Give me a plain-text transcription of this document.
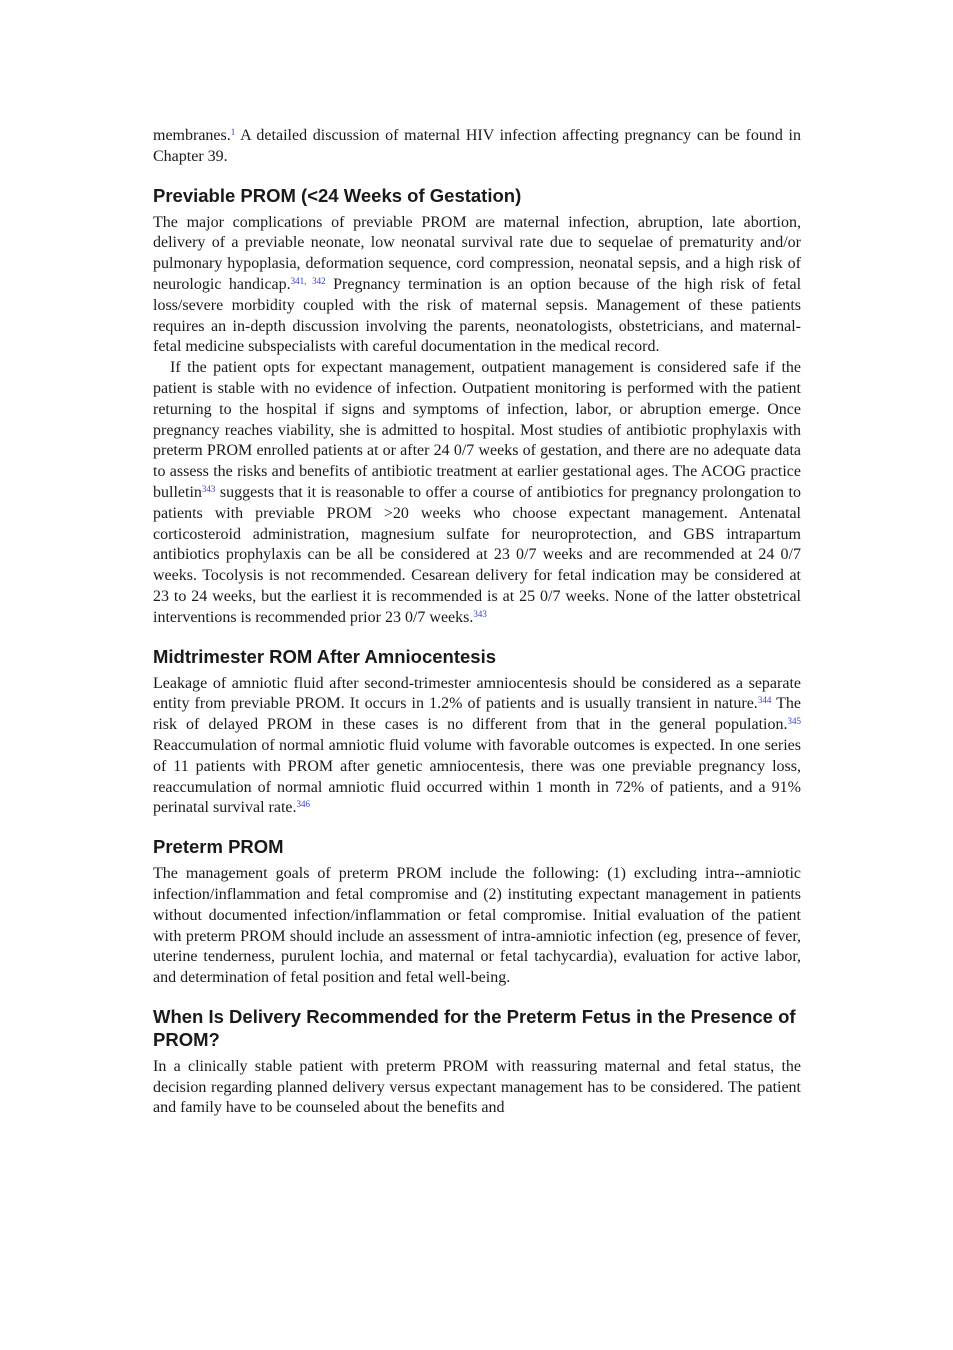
membranes.$^1$ A detailed discussion of maternal HIV infection affecting pregnancy can be found in Chapter 39.

Previable PROM (<24 Weeks of Gestation)

The major complications of previable PROM are maternal infection, abruption, late abortion, delivery of a previable neonate, low neonatal survival rate due to sequelae of prematurity and/or pulmonary hypoplasia, deformation sequence, cord compression, neonatal sepsis, and a high risk of neurologic handicap.$^{341, 342}$ Pregnancy termination is an option because of the high risk of fetal loss/severe morbidity coupled with the risk of maternal sepsis. Management of these patients requires an in-depth discussion involving the parents, neonatologists, obstetricians, and maternal-fetal medicine subspecialists with careful documentation in the medical record.

If the patient opts for expectant management, outpatient management is considered safe if the patient is stable with no evidence of infection. Outpatient monitoring is performed with the patient returning to the hospital if signs and symptoms of infection, labor, or abruption emerge. Once pregnancy reaches viability, she is admitted to hospital. Most studies of antibiotic prophylaxis with preterm PROM enrolled patients at or after 24 0/7 weeks of gestation, and there are no adequate data to assess the risks and benefits of antibiotic treatment at earlier gestational ages. The ACOG practice bulletin$^{343}$ suggests that it is reasonable to offer a course of antibiotics for pregnancy prolongation to patients with previable PROM >20 weeks who choose expectant management. Antenatal corticosteroid administration, magnesium sulfate for neuroprotection, and GBS intrapartum antibiotics prophylaxis can be all be considered at 23 0/7 weeks and are recommended at 24 0/7 weeks. Tocolysis is not recommended. Cesarean delivery for fetal indication may be considered at 23 to 24 weeks, but the earliest it is recommended is at 25 0/7 weeks. None of the latter obstetrical interventions is recommended prior 23 0/7 weeks.$^{343}$

Midtrimester ROM After Amniocentesis

Leakage of amniotic fluid after second-trimester amniocentesis should be considered as a separate entity from previable PROM. It occurs in 1.2% of patients and is usually transient in nature.$^{344}$ The risk of delayed PROM in these cases is no different from that in the general population.$^{345}$ Reaccumulation of normal amniotic fluid volume with favorable outcomes is expected. In one series of 11 patients with PROM after genetic amniocentesis, there was one previable pregnancy loss, reaccumulation of normal amniotic fluid occurred within 1 month in 72% of patients, and a 91% perinatal survival rate.$^{346}$

Preterm PROM

The management goals of preterm PROM include the following: (1) excluding intra--amniotic infection/inflammation and fetal compromise and (2) instituting expectant management in patients without documented infection/inflammation or fetal compromise. Initial evaluation of the patient with preterm PROM should include an assessment of intra-amniotic infection (eg, presence of fever, uterine tenderness, purulent lochia, and maternal or fetal tachycardia), evaluation for active labor, and determination of fetal position and fetal well-being.

When Is Delivery Recommended for the Preterm Fetus in the Presence of PROM?

In a clinically stable patient with preterm PROM with reassuring maternal and fetal status, the decision regarding planned delivery versus expectant management has to be considered. The patient and family have to be counseled about the benefits and
